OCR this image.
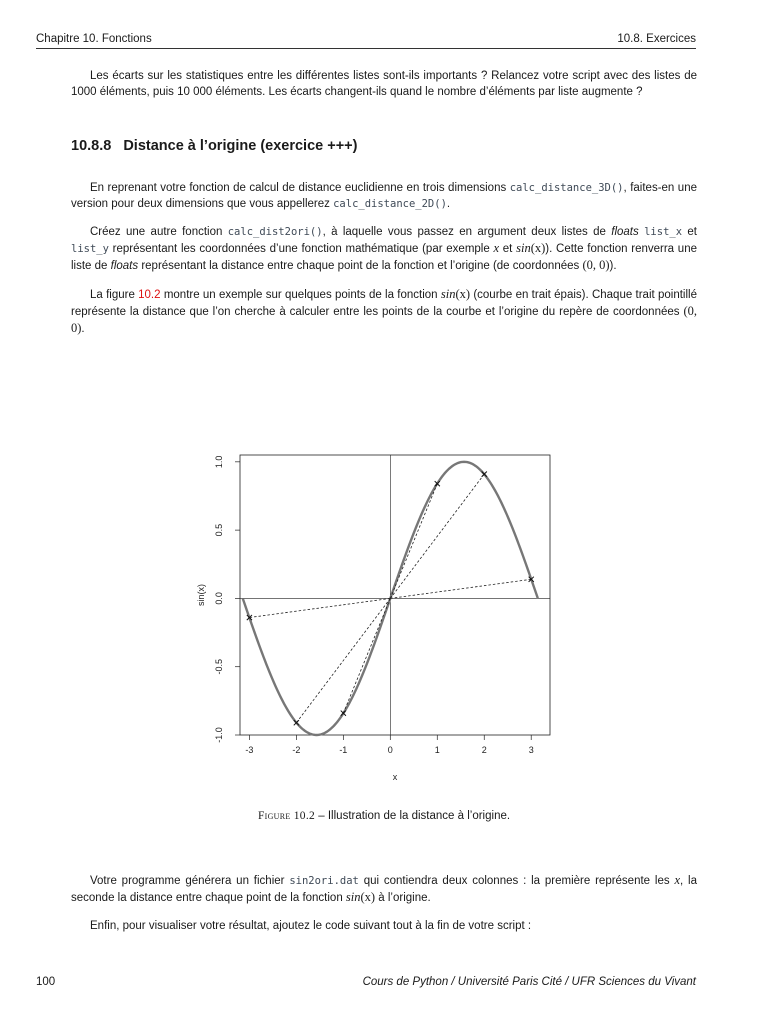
Chapitre 10. Fonctions	10.8. Exercices

Les écarts sur les statistiques entre les différentes listes sont-ils importants ? Relancez votre script avec des listes de 1000 éléments, puis 10 000 éléments. Les écarts changent-ils quand le nombre d’éléments par liste augmente ?

10.8.8 Distance à l’origine (exercice +++)

En reprenant votre fonction de calcul de distance euclidienne en trois dimensions calc_distance_3D(), faites-en une version pour deux dimensions que vous appellerez calc_distance_2D().

Créez une autre fonction calc_dist2ori(), à laquelle vous passez en argument deux listes de floats list_x et list_y représentant les coordonnées d’une fonction mathématique (par exemple x et sin(x)). Cette fonction renverra une liste de floats représentant la distance entre chaque point de la fonction et l’origine (de coordonnées (0, 0)).

La figure 10.2 montre un exemple sur quelques points de la fonction sin(x) (courbe en trait épais). Chaque trait pointillé représente la distance que l’on cherche à calculer entre les points de la courbe et l’origine du repère de coordonnées (0, 0).

-3	-2	-1	0	1	2	3
-1.0
-0.5
0.0
0.5
1.0
x
sin(x)
Figure 10.2 – Illustration de la distance à l’origine.

Votre programme générera un fichier sin2ori.dat qui contiendra deux colonnes : la première représente les x, la seconde la distance entre chaque point de la fonction sin(x) à l’origine.

Enfin, pour visualiser votre résultat, ajoutez le code suivant tout à la fin de votre script :

100	Cours de Python / Université Paris Cité / UFR Sciences du Vivant
